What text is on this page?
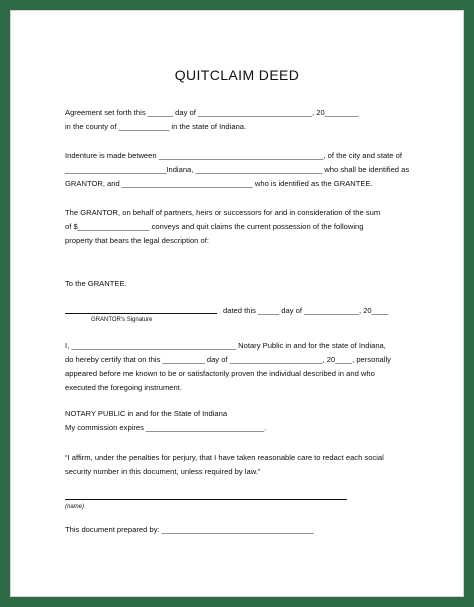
QUITCLAIM DEED
Agreement set forth this ______ day of ___________________________, 20________
in the county of ____________ in the state of Indiana.
Indenture is made between _______________________________________, of the city and state of
________________________Indiana, ______________________________ who shall be identified as
GRANTOR, and _______________________________ who is identified as the GRANTEE.
The GRANTOR, on behalf of partners, heirs or successors for and in consideration of the sum
of $_________________ conveys and quit claims the current possession of the following
property that bears the legal description of:
To the GRANTEE.
dated this _____ day of _____________, 20____
GRANTOR's Signature
I, _______________________________________ Notary Public in and for the state of Indiana,
do hereby certify that on this __________ day of ______________________, 20____, personally
appeared before me known to be or satisfactorily proven the individual described in and who
executed the foregoing instrument.
NOTARY PUBLIC in and for the State of Indiana
My commission expires ____________________________.
“I affirm, under the penalties for perjury, that I have taken reasonable care to redact each social
security number in this document, unless required by law.”
(name)
This document prepared by: ____________________________________
